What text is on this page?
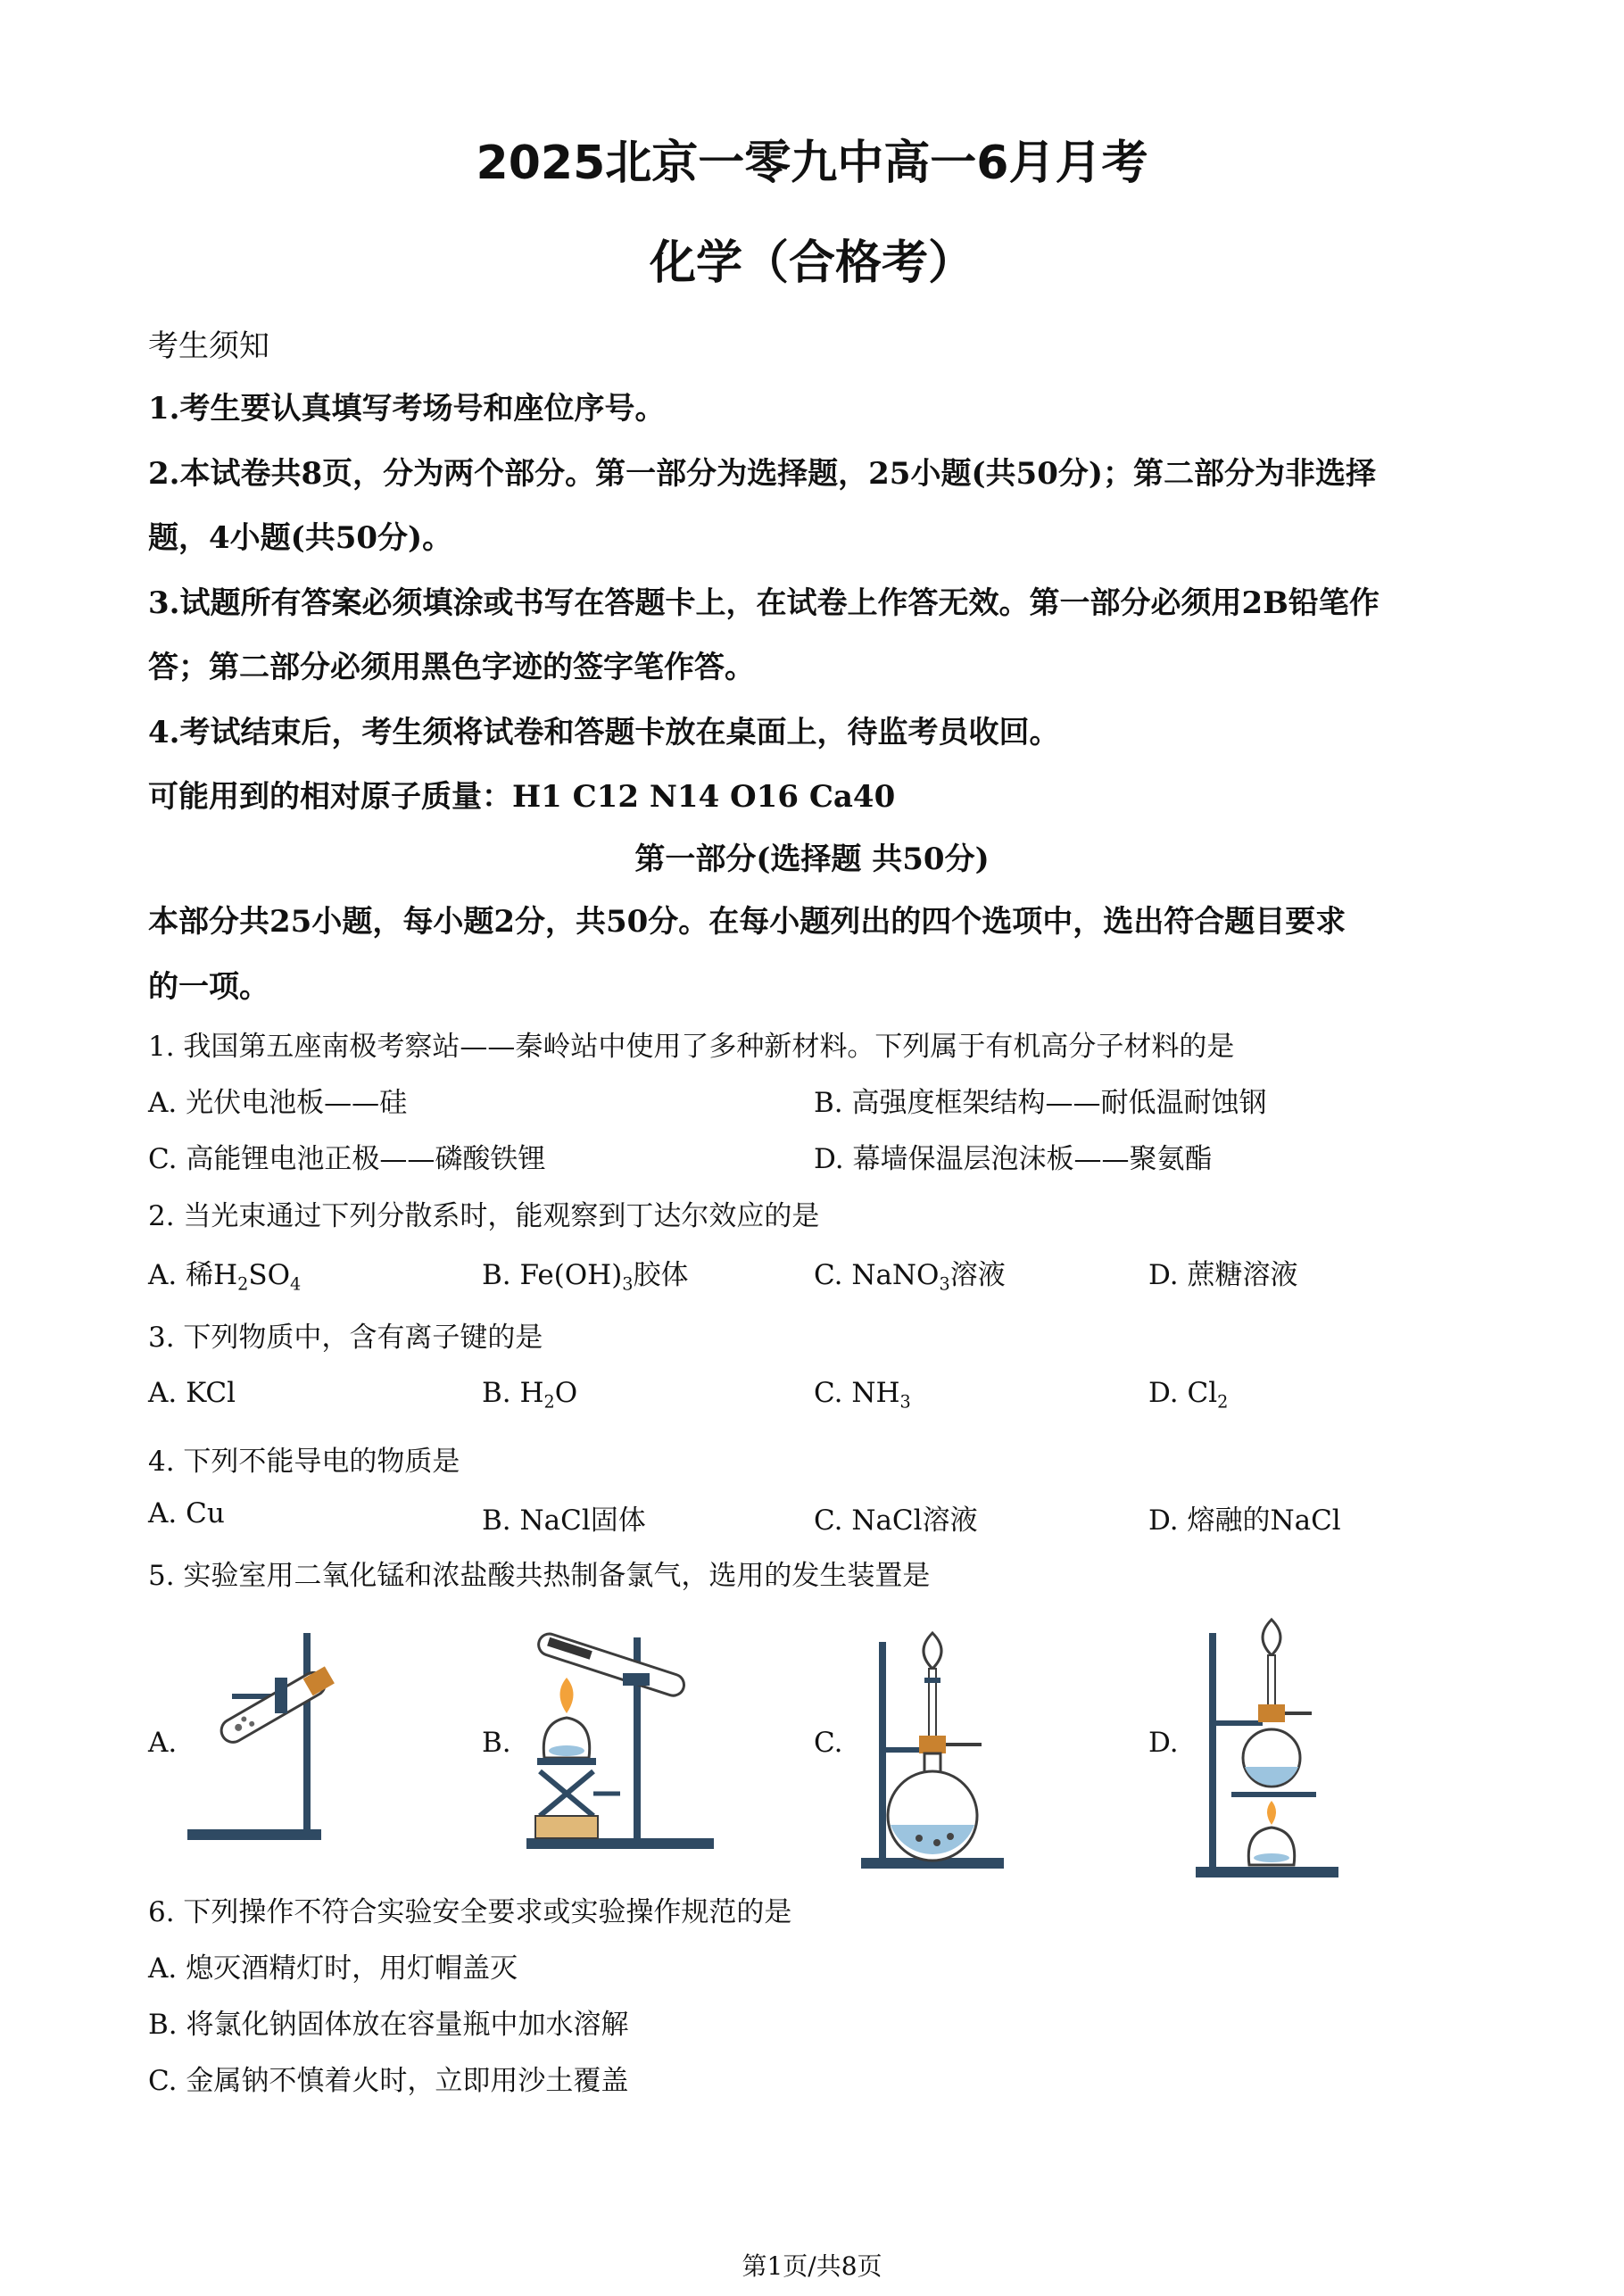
2025北京一零九中高一6月月考
化学（合格考）
考生须知
1.考生要认真填写考场号和座位序号。
2.本试卷共8页，分为两个部分。第一部分为选择题，25小题(共50分)；第二部分为非选择
题，4小题(共50分)。
3.试题所有答案必须填涂或书写在答题卡上，在试卷上作答无效。第一部分必须用2B铅笔作
答；第二部分必须用黑色字迹的签字笔作答。
4.考试结束后，考生须将试卷和答题卡放在桌面上，待监考员收回。
可能用到的相对原子质量：H1 C12 N14 O16 Ca40
第一部分(选择题 共50分)
本部分共25小题，每小题2分，共50分。在每小题列出的四个选项中，选出符合题目要求
的一项。
1. 我国第五座南极考察站——秦岭站中使用了多种新材料。下列属于有机高分子材料的是
A. 光伏电池板——硅	B. 高强度框架结构——耐低温耐蚀钢
C. 高能锂电池正极——磷酸铁锂	D. 幕墙保温层泡沫板——聚氨酯
2. 当光束通过下列分散系时，能观察到丁达尔效应的是
A. 稀$H_2SO_4$	B. $Fe(OH)_3$胶体	C. NaNO$_3$溶液	D. 蔗糖溶液
3. 下列物质中，含有离子键的是
A. KCl	B. $H_2O$	C. $NH_3$	D. $Cl_2$
4. 下列不能导电的物质是
A. Cu	B. NaCl固体	C. NaCl溶液	D. 熔融的NaCl
5. 实验室用二氧化锰和浓盐酸共热制备氯气，选用的发生装置是
A.	B.	C.	D.
6. 下列操作不符合实验安全要求或实验操作规范的是
A. 熄灭酒精灯时，用灯帽盖灭
B. 将氯化钠固体放在容量瓶中加水溶解
C. 金属钠不慎着火时，立即用沙土覆盖
第1页/共8页
